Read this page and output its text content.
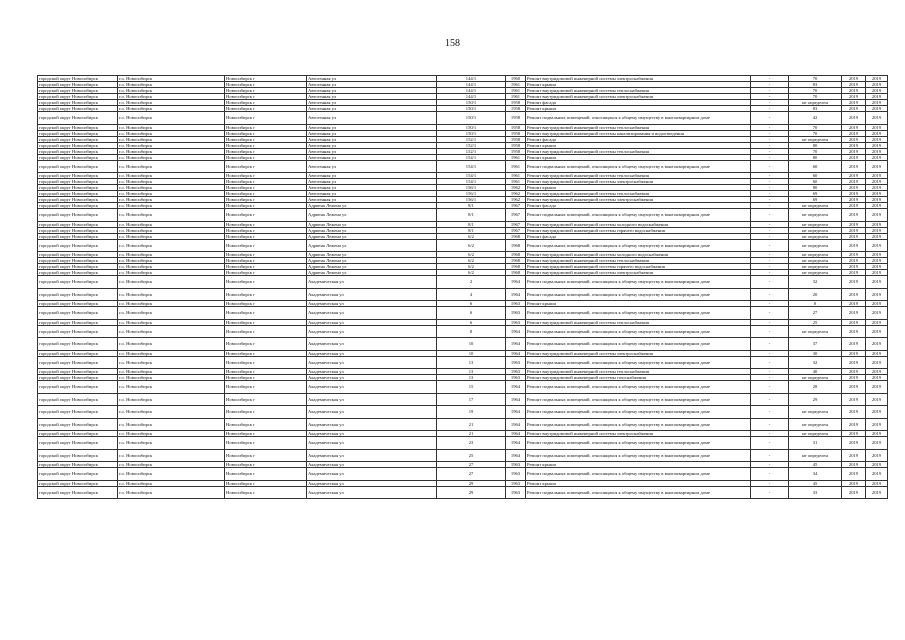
158
городской округ Новосибирск	г.о. Новосибирск	Новосибирск г	Автогенная ул	144/1	1960	Ремонт внутридомовой инженерной системы электроснабжения	-	70	2019	2019
городской округ Новосибирск	г.о. Новосибирск	Новосибирск г	Автогенная ул	144/1	1961	Ремонт крыши	-	83	2019	2019
городской округ Новосибирск	г.о. Новосибирск	Новосибирск г	Автогенная ул	144/1	1961	Ремонт внутридомовой инженерной системы теплоснабжения	-	70	2019	2019
городской округ Новосибирск	г.о. Новосибирск	Новосибирск г	Автогенная ул	144/1	1961	Ремонт внутридомовой инженерной системы электроснабжения	-	70	2019	2019
городской округ Новосибирск	г.о. Новосибирск	Новосибирск г	Автогенная ул	150/1	1958	Ремонт фасада	-	не определен	2019	2019
городской округ Новосибирск	г.о. Новосибирск	Новосибирск г	Автогенная ул	150/1	1958	Ремонт крыши	-	83	2019	2019
городской округ Новосибирск	г.о. Новосибирск	Новосибирск г	Автогенная ул	150/1	1958	Ремонт подвальных помещений, относящихся к общему имуществу в многоквартирном доме	-	42	2019	2019
городской округ Новосибирск	г.о. Новосибирск	Новосибирск г	Автогенная ул	150/1	1958	Ремонт внутридомовой инженерной системы теплоснабжения	-	70	2019	2019
городской округ Новосибирск	г.о. Новосибирск	Новосибирск г	Автогенная ул	150/1	1958	Ремонт внутридомовой инженерной системы канализирования и водоотведения	-	70	2019	2019
городской округ Новосибирск	г.о. Новосибирск	Новосибирск г	Автогенная ул	152/1	1958	Ремонт фасада	-	не определен	2019	2019
городской округ Новосибирск	г.о. Новосибирск	Новосибирск г	Автогенная ул	152/1	1958	Ремонт крыши	-	80	2019	2019
городской округ Новосибирск	г.о. Новосибирск	Новосибирск г	Автогенная ул	152/1	1958	Ремонт внутридомовой инженерной системы теплоснабжения	-	70	2019	2019
городской округ Новосибирск	г.о. Новосибирск	Новосибирск г	Автогенная ул	154/1	1961	Ремонт крыши	-	80	2019	2019
городской округ Новосибирск	г.о. Новосибирск	Новосибирск г	Автогенная ул	154/1	1961	Ремонт подвальных помещений, относящихся к общему имуществу в многоквартирном доме	-	60	2019	2019
городской округ Новосибирск	г.о. Новосибирск	Новосибирск г	Автогенная ул	154/1	1961	Ремонт внутридомовой инженерной системы теплоснабжения	-	60	2019	2019
городской округ Новосибирск	г.о. Новосибирск	Новосибирск г	Автогенная ул	154/1	1961	Ремонт внутридомовой инженерной системы электроснабжения	-	60	2019	2019
городской округ Новосибирск	г.о. Новосибирск	Новосибирск г	Автогенная ул	156/1	1962	Ремонт крыши	-	80	2019	2019
городской округ Новосибирск	г.о. Новосибирск	Новосибирск г	Автогенная ул	156/1	1962	Ремонт внутридомовой инженерной системы теплоснабжения	-	69	2019	2019
городской округ Новосибирск	г.о. Новосибирск	Новосибирск г	Автогенная ул	156/1	1962	Ремонт внутридомовой инженерной системы электроснабжения	-	69	2019	2019
городской округ Новосибирск	г.о. Новосибирск	Новосибирск г	Адриена Лежена ул	8/1	1967	Ремонт фасада	-	не определен	2019	2019
городской округ Новосибирск	г.о. Новосибирск	Новосибирск г	Адриена Лежена ул	8/1	1967	Ремонт подвальных помещений, относящихся к общему имуществу в многоквартирном доме	-	не определен	2019	2019
городской округ Новосибирск	г.о. Новосибирск	Новосибирск г	Адриена Лежена ул	8/1	1967	Ремонт внутридомовой инженерной системы холодного водоснабжения	-	не определен	2019	2019
городской округ Новосибирск	г.о. Новосибирск	Новосибирск г	Адриена Лежена ул	8/1	1967	Ремонт внутридомовой инженерной системы горячего водоснабжения	-	не определен	2019	2019
городской округ Новосибирск	г.о. Новосибирск	Новосибирск г	Адриена Лежена ул	6/2	1968	Ремонт фасада	-	не определен	2019	2019
городской округ Новосибирск	г.о. Новосибирск	Новосибирск г	Адриена Лежена ул	6/2	1968	Ремонт подвальных помещений, относящихся к общему имуществу в многоквартирном доме	-	не определен	2019	2019
городской округ Новосибирск	г.о. Новосибирск	Новосибирск г	Адриена Лежена ул	6/2	1968	Ремонт внутридомовой инженерной системы холодного водоснабжения	-	не определен	2019	2019
городской округ Новосибирск	г.о. Новосибирск	Новосибирск г	Адриена Лежена ул	6/2	1968	Ремонт внутридомовой инженерной системы теплоснабжения	-	не определен	2019	2019
городской округ Новосибирск	г.о. Новосибирск	Новосибирск г	Адриена Лежена ул	6/2	1968	Ремонт внутридомовой инженерной системы горячего водоснабжения	-	не определен	2019	2019
городской округ Новосибирск	г.о. Новосибирск	Новосибирск г	Адриена Лежена ул	6/2	1968	Ремонт внутридомовой инженерной системы электроснабжения	-	не определен	2019	2019
городской округ Новосибирск	г.о. Новосибирск	Новосибирск г	Академическая ул	2	1964	Ремонт подвальных помещений, относящихся к общему имуществу в многоквартирном доме	-	32	2019	2019
городской округ Новосибирск	г.о. Новосибирск	Новосибирск г	Академическая ул	4	1964	Ремонт подвальных помещений, относящихся к общему имуществу в многоквартирном доме	-	20	2019	2019
городской округ Новосибирск	г.о. Новосибирск	Новосибирск г	Академическая ул	6	1963	Ремонт крыши	-	0	2019	2019
городской округ Новосибирск	г.о. Новосибирск	Новосибирск г	Академическая ул	6	1963	Ремонт подвальных помещений, относящихся к общему имуществу в многоквартирном доме	-	27	2019	2019
городской округ Новосибирск	г.о. Новосибирск	Новосибирск г	Академическая ул	6	1963	Ремонт внутридомовой инженерной системы теплоснабжения	-	25	2019	2019
городской округ Новосибирск	г.о. Новосибирск	Новосибирск г	Академическая ул	8	1964	Ремонт подвальных помещений, относящихся к общему имуществу в многоквартирном доме	-	не определен	2019	2019
городской округ Новосибирск	г.о. Новосибирск	Новосибирск г	Академическая ул	10	1964	Ремонт подвальных помещений, относящихся к общему имуществу в многоквартирном доме	-	37	2019	2019
городской округ Новосибирск	г.о. Новосибирск	Новосибирск г	Академическая ул	10	1964	Ремонт внутридомовой инженерной системы электроснабжения	-	30	2019	2019
городской округ Новосибирск	г.о. Новосибирск	Новосибирск г	Академическая ул	13	1963	Ремонт подвальных помещений, относящихся к общему имуществу в многоквартирном доме	-	32	2019	2019
городской округ Новосибирск	г.о. Новосибирск	Новосибирск г	Академическая ул	13	1963	Ремонт внутридомовой инженерной системы теплоснабжения	-	40	2019	2019
городской округ Новосибирск	г.о. Новосибирск	Новосибирск г	Академическая ул	13	1963	Ремонт внутридомовой инженерной системы газоснабжения	-	не определен	2019	2019
городской округ Новосибирск	г.о. Новосибирск	Новосибирск г	Академическая ул	15	1964	Ремонт подвальных помещений, относящихся к общему имуществу в многоквартирном доме	-	28	2019	2019
городской округ Новосибирск	г.о. Новосибирск	Новосибирск г	Академическая ул	17	1964	Ремонт подвальных помещений, относящихся к общему имуществу в многоквартирном доме	-	29	2019	2019
городской округ Новосибирск	г.о. Новосибирск	Новосибирск г	Академическая ул	19	1964	Ремонт подвальных помещений, относящихся к общему имуществу в многоквартирном доме	-	не определен	2019	2019
городской округ Новосибирск	г.о. Новосибирск	Новосибирск г	Академическая ул	21	1964	Ремонт подвальных помещений, относящихся к общему имуществу в многоквартирном доме	-	не определен	2019	2019
городской округ Новосибирск	г.о. Новосибирск	Новосибирск г	Академическая ул	21	1964	Ремонт внутридомовой инженерной системы электроснабжения	-	не определен	2019	2019
городской округ Новосибирск	г.о. Новосибирск	Новосибирск г	Академическая ул	23	1964	Ремонт подвальных помещений, относящихся к общему имуществу в многоквартирном доме	-	31	2019	2019
городской округ Новосибирск	г.о. Новосибирск	Новосибирск г	Академическая ул	25	1964	Ремонт подвальных помещений, относящихся к общему имуществу в многоквартирном доме	-	не определен	2019	2019
городской округ Новосибирск	г.о. Новосибирск	Новосибирск г	Академическая ул	27	1963	Ремонт крыши	-	45	2019	2019
городской округ Новосибирск	г.о. Новосибирск	Новосибирск г	Академическая ул	27	1963	Ремонт подвальных помещений, относящихся к общему имуществу в многоквартирном доме	-	34	2019	2019
городской округ Новосибирск	г.о. Новосибирск	Новосибирск г	Академическая ул	29	1963	Ремонт крыши	-	45	2019	2019
городской округ Новосибирск	г.о. Новосибирск	Новосибирск г	Академическая ул	29	1963	Ремонт подвальных помещений, относящихся к общему имуществу в многоквартирном доме	-	33	2019	2019
